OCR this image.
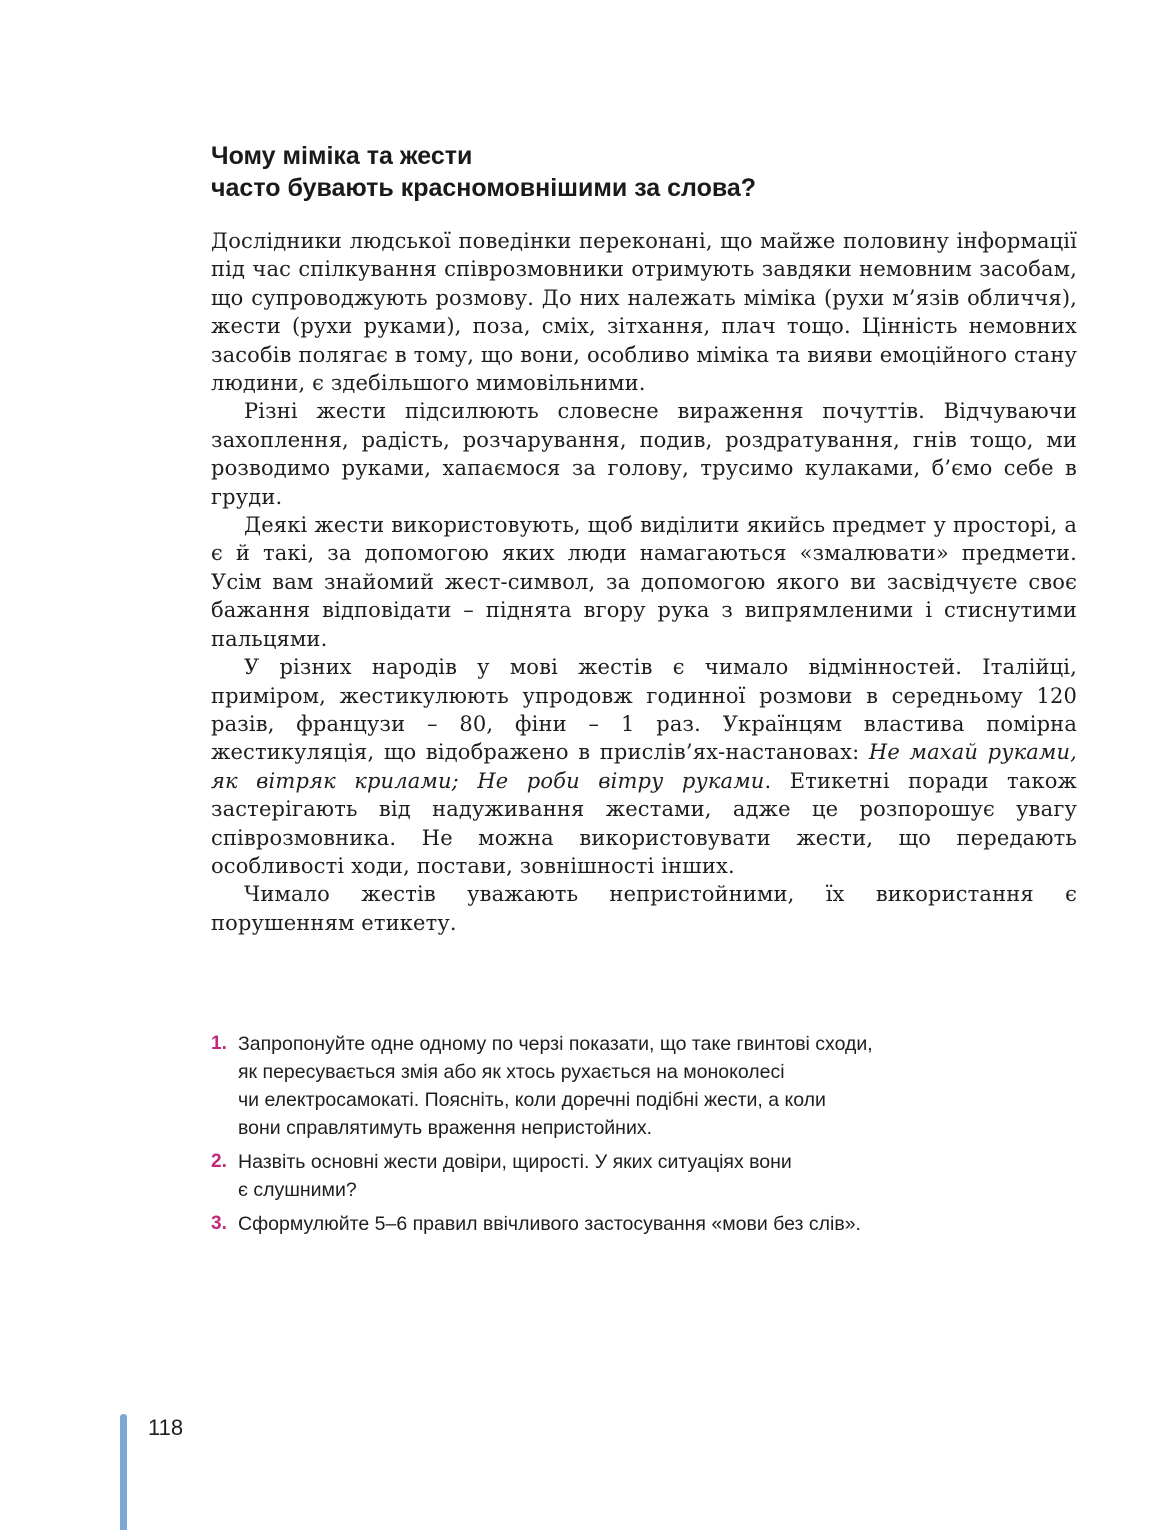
Чому міміка та жести
часто бувають красномовнішими за слова?

Дослідники людської поведінки переконані, що майже половину інформації під час спілкування співрозмовники отримують завдяки немовним засобам, що супроводжують розмову. До них належать міміка (рухи м’язів обличчя), жести (рухи руками), поза, сміх, зітхання, плач тощо. Цінність немовних засобів полягає в тому, що вони, особливо міміка та вияви емоційного стану людини, є здебільшого мимовільними.

Різні жести підсилюють словесне вираження почуттів. Відчуваючи захоплення, радість, розчарування, подив, роздратування, гнів тощо, ми розводимо руками, хапаємося за голову, трусимо кулаками, б’ємо себе в груди.

Деякі жести використовують, щоб виділити якийсь предмет у просторі, а є й такі, за допомогою яких люди намагаються «змалювати» предмети. Усім вам знайомий жест-символ, за допомогою якого ви засвідчуєте своє бажання відповідати – піднята вгору рука з випрямленими і стиснутими пальцями.

У різних народів у мові жестів є чимало відмінностей. Італійці, приміром, жестикулюють упродовж годинної розмови в середньому 120 разів, французи – 80, фіни – 1 раз. Українцям властива помірна жестикуляція, що відображено в прислів’ях-настановах: Не махай руками, як вітряк крилами; Не роби вітру руками. Етикетні поради також застерігають від надуживання жестами, адже це розпорошує увагу співрозмовника. Не можна використовувати жести, що передають особливості ходи, постави, зовнішності інших.

Чимало жестів уважають непристойними, їх використання є порушенням етикету.

1. Запропонуйте одне одному по черзі показати, що таке гвинтові сходи,
як пересувається змія або як хтось рухається на моноколесі
чи електросамокаті. Поясніть, коли доречні подібні жести, а коли
вони справлятимуть враження непристойних.
2. Назвіть основні жести довіри, щирості. У яких ситуаціях вони
є слушними?
3. Сформулюйте 5–6 правил ввічливого застосування «мови без слів».
118
